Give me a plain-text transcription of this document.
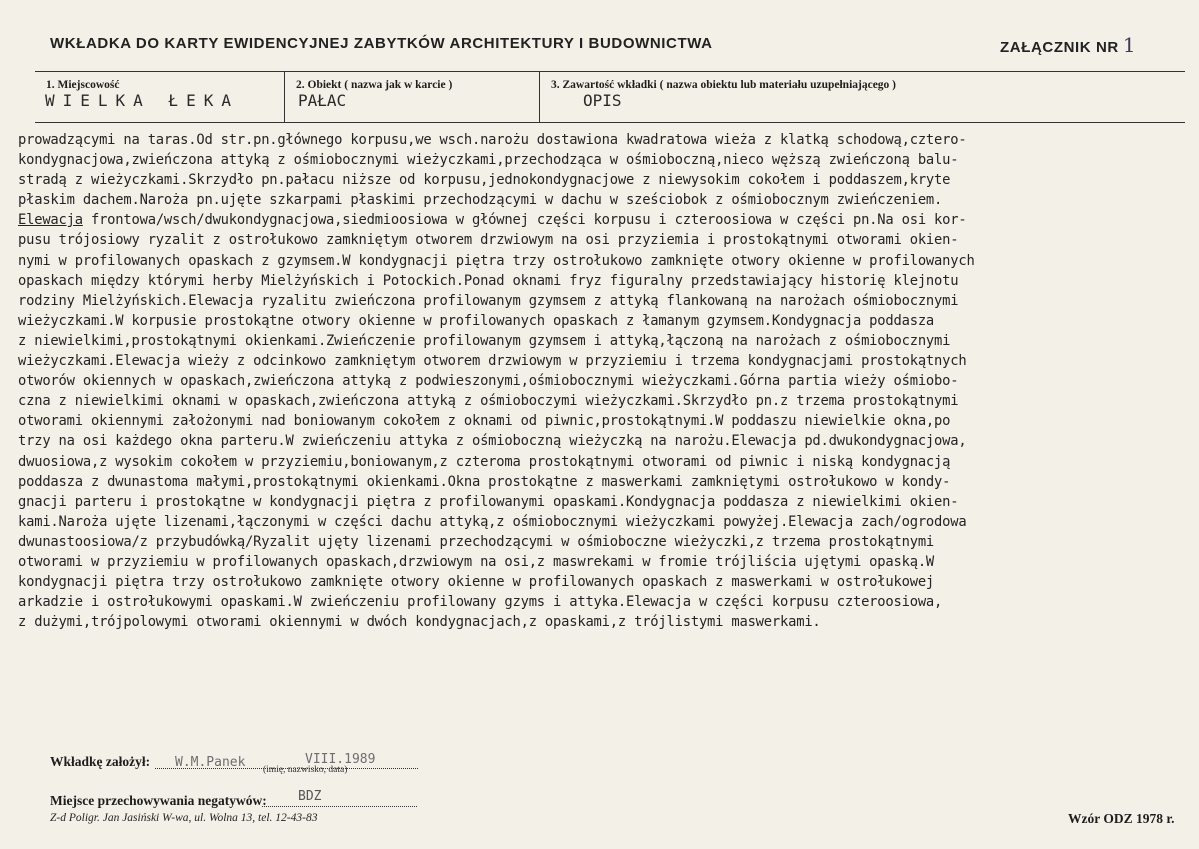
WKŁADKA DO KARTY EWIDENCYJNEJ ZABYTKÓW ARCHITEKTURY I BUDOWNICTWA	ZAŁĄCZNIK NR 1
1. Miejscowość
WIELKA ŁEKA
2. Obiekt ( nazwa jak w karcie )
PAŁAC
3. Zawartość wkładki ( nazwa obiektu lub materiału uzupełniającego )
OPIS
prowadzącymi na taras.Od str.pn.głównego korpusu,we wsch.narożu dostawiona kwadratowa wieża z klatką schodową,cztero-
kondygnacjowa,zwieńczona attyką z ośmiobocznymi wieżyczkami,przechodząca w ośmioboczną,nieco węższą zwieńczoną balu-
stradą z wieżyczkami.Skrzydło pn.pałacu niższe od korpusu,jednokondygnacjowe z niewysokim cokołem i poddaszem,kryte
płaskim dachem.Naroża pn.ujęte szkarpami płaskimi przechodzącymi w dachu w sześciobok z ośmiobocznym zwieńczeniem.
Elewacja frontowa/wsch/dwukondygnacjowa,siedmioosiowa w głównej części korpusu i czteroosiowa w części pn.Na osi kor-
pusu trójosiowy ryzalit z ostrołukowo zamkniętym otworem drzwiowym na osi przyziemia i prostokątnymi otworami okien-
nymi w profilowanych opaskach z gzymsem.W kondygnacji piętra trzy ostrołukowo zamknięte otwory okienne w profilowanych
opaskach między którymi herby Mielżyńskich i Potockich.Ponad oknami fryz figuralny przedstawiający historię klejnotu
rodziny Mielżyńskich.Elewacja ryzalitu zwieńczona profilowanym gzymsem z attyką flankowaną na narożach ośmiobocznymi
wieżyczkami.W korpusie prostokątne otwory okienne w profilowanych opaskach z łamanym gzymsem.Kondygnacja poddasza
z niewielkimi,prostokątnymi okienkami.Zwieńczenie profilowanym gzymsem i attyką,łączoną na narożach z ośmiobocznymi
wieżyczkami.Elewacja wieży z odcinkowo zamkniętym otworem drzwiowym w przyziemiu i trzema kondygnacjami prostokątnych
otworów okiennych w opaskach,zwieńczona attyką z podwieszonymi,ośmiobocznymi wieżyczkami.Górna partia wieży ośmiobo-
czna z niewielkimi oknami w opaskach,zwieńczona attyką z ośmioboczymi wieżyczkami.Skrzydło pn.z trzema prostokątnymi
otworami okiennymi założonymi nad boniowanym cokołem z oknami od piwnic,prostokątnymi.W poddaszu niewielkie okna,po
trzy na osi każdego okna parteru.W zwieńczeniu attyka z ośmioboczną wieżyczką na narożu.Elewacja pd.dwukondygnacjowa,
dwuosiowa,z wysokim cokołem w przyziemiu,boniowanym,z czteroma prostokątnymi otworami od piwnic i niską kondygnacją
poddasza z dwunastoma małymi,prostokątnymi okienkami.Okna prostokątne z maswerkami zamkniętymi ostrołukowo w kondy-
gnacji parteru i prostokątne w kondygnacji piętra z profilowanymi opaskami.Kondygnacja poddasza z niewielkimi okien-
kami.Naroża ujęte lizenami,łączonymi w części dachu attyką,z ośmiobocznymi wieżyczkami powyżej.Elewacja zach/ogrodowa
dwunastoosiowa/z przybudówką/Ryzalit ujęty lizenami przechodzącymi w ośmioboczne wieżyczki,z trzema prostokątnymi
otworami w przyziemiu w profilowanych opaskach,drzwiowym na osi,z maswrekami w fromie trójliścia ujętymi opaską.W
kondygnacji piętra trzy ostrołukowo zamknięte otwory okienne w profilowanych opaskach z maswerkami w ostrołukowej
arkadzie i ostrołukowymi opaskami.W zwieńczeniu profilowany gzyms i attyka.Elewacja w części korpusu czteroosiowa,
z dużymi,trójpolowymi otworami okiennymi w dwóch kondygnacjach,z opaskami,z trójlistymi maswerkami.
Wkładkę założył: W.M.Panek	VIII.1989
(imię, nazwisko, data)
Miejsce przechowywania negatywów: BDZ
Z-d Poligr. Jan Jasiński W-wa, ul. Wolna 13, tel. 12-43-83	Wzór ODZ 1978 r.
